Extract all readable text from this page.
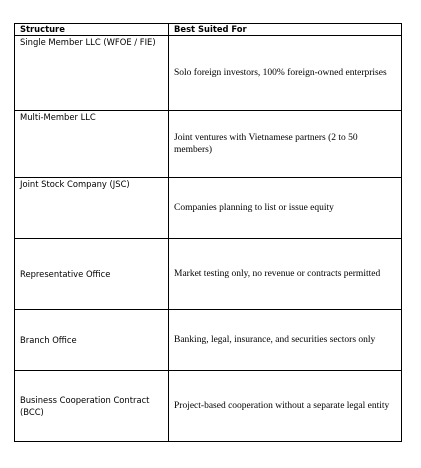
Structure	Best Suited For
Single Member LLC (WFOE / FIE)	Solo foreign investors, 100% foreign-owned enterprises
Multi-Member LLC	Joint ventures with Vietnamese partners (2 to 50 members)
Joint Stock Company (JSC)	Companies planning to list or issue equity
Representative Office	Market testing only, no revenue or contracts permitted
Branch Office	Banking, legal, insurance, and securities sectors only
Business Cooperation Contract (BCC)	Project-based cooperation without a separate legal entity
